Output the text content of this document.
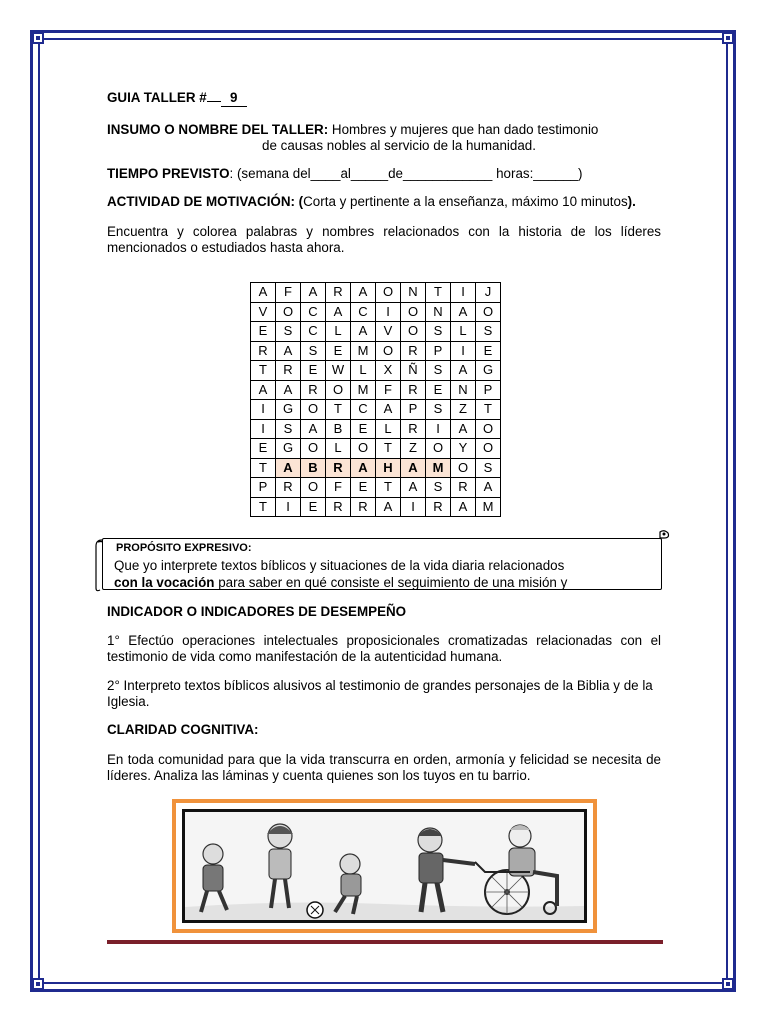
GUIA TALLER # 9

INSUMO O NOMBRE DEL TALLER: Hombres y mujeres que han dado testimonio

de causas nobles al servicio de la humanidad.

TIEMPO PREVISTO: (semana del____al_____de____________ horas:______)

ACTIVIDAD DE MOTIVACIÓN: (Corta y pertinente a la enseñanza, máximo 10 minutos).

Encuentra y colorea palabras y nombres relacionados con la historia de los líderes mencionados o estudiados hasta ahora.

A	F	A	R	A	O	N	T	I	J
V	O	C	A	C	I	O	N	A	O
E	S	C	L	A	V	O	S	L	S
R	A	S	E	M	O	R	P	I	E
T	R	E	W	L	X	Ñ	S	A	G
A	A	R	O	M	F	R	E	N	P
I	G	O	T	C	A	P	S	Z	T
I	S	A	B	E	L	R	I	A	O
E	G	O	L	O	T	Z	O	Y	O
T	A	B	R	A	H	A	M	O	S
P	R	O	F	E	T	A	S	R	A
T	I	E	R	R	A	I	R	A	M
PROPÓSITO EXPRESIVO:
Que yo interprete textos bíblicos y situaciones de la vida diaria relacionados
con la vocación para saber en qué consiste el seguimiento de una misión y

INDICADOR O INDICADORES DE DESEMPEÑO

1° Efectúo operaciones intelectuales proposicionales cromatizadas relacionadas con el testimonio de vida como manifestación de la autenticidad humana.

2° Interpreto textos bíblicos alusivos al testimonio de grandes personajes de la Biblia y de la Iglesia.

CLARIDAD COGNITIVA:

En toda comunidad para que la vida transcurra en orden, armonía y felicidad se necesita de líderes. Analiza las láminas y cuenta quienes son los tuyos en tu barrio.
